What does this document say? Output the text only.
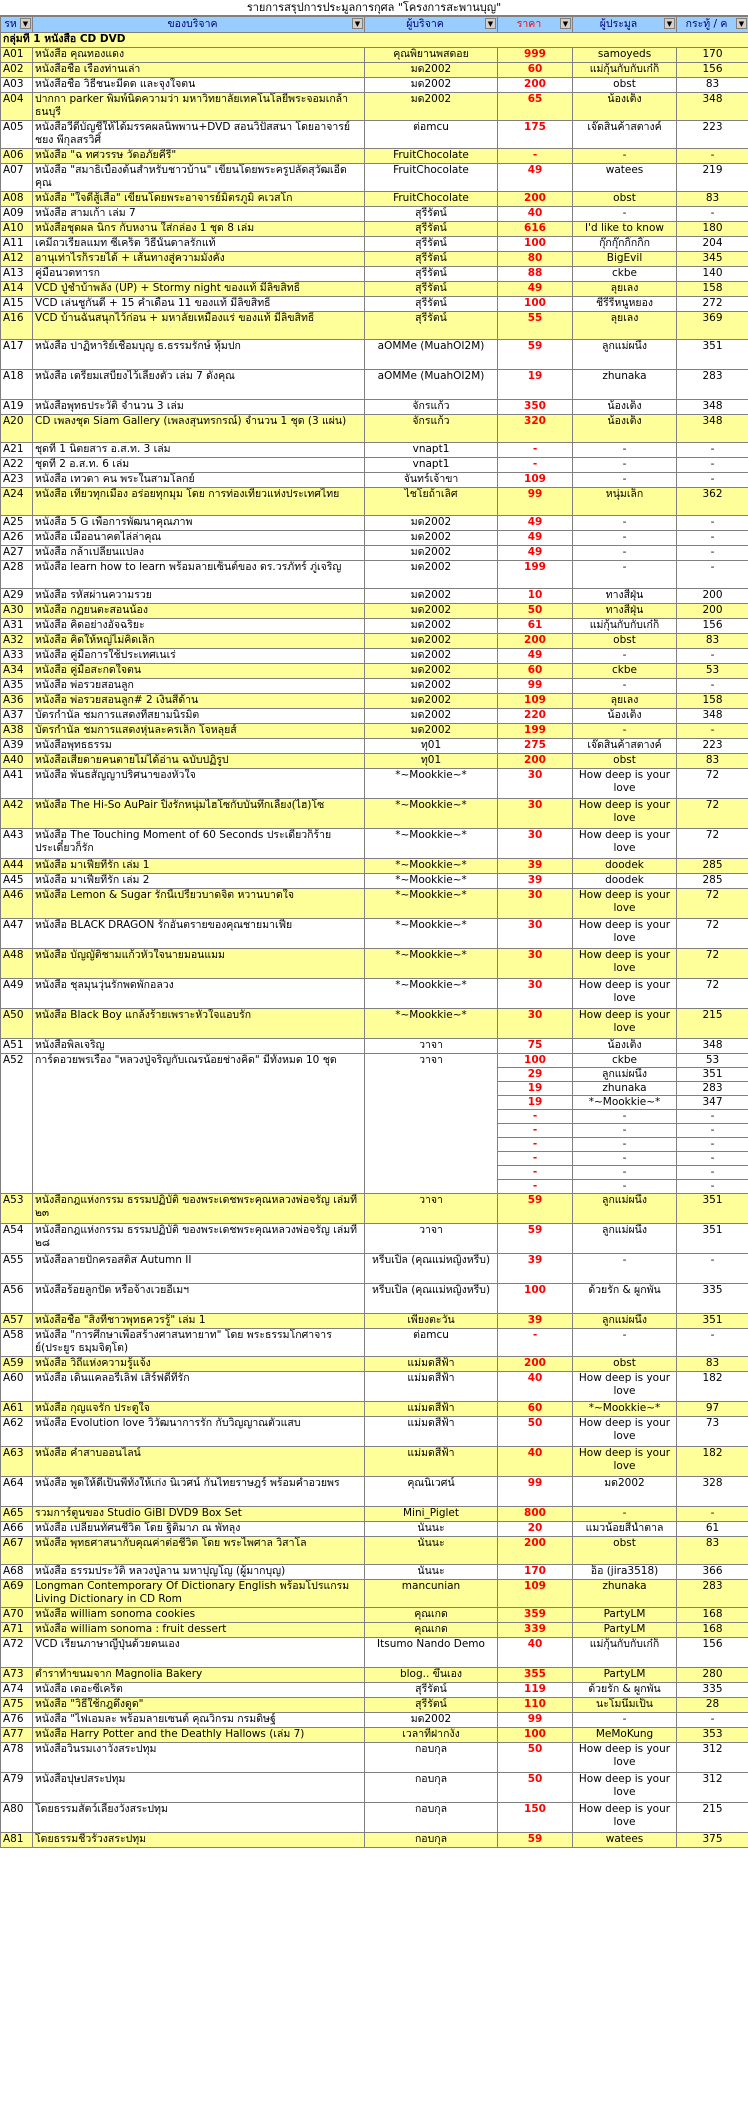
รายการสรุปการประมูลการกุศล "โครงการสะพานบุญ"
รห ▼	ของบริจาค ▼	ผู้บริจาค ▼	ราคา ▼	ผู้ประมูล ▼	กระทู้ / ค ▼

กลุ่มที่ 1 หนังสือ CD DVD					
A01	หนังสือ คุณทองแดง	คุณพิยานพสดอย	999	samoyeds	170
A02	หนังสือชื่อ เรื่องท่านเล่า	มด2002	60	แม่กุ้นกับกับเก๋ก็	156
A03	หนังสือชื่อ วิธีชนะมีดด และจุงใจตน	มด2002	200	obst	83
A04	ปากกา parker พิมพ์นิดความว่า มหาวิทยาลัยเทคโนโลยีพระจอมเกล้าธนบุรี	มด2002	65	น้องเต็ง	348
A05	หนังสือวีดีบัญชีให้ได้มรรคผลนิพพาน+DVD สอนวิปัสสนา โดยอาจารย์ชยง พีกุลสรวิศิ์	ต่อmcu	175	เจ๊ดสินค้าสตางค์	223
A06	หนังสือ "ฉ ทศวรรษ วัดอภัยคีรี"	FruitChocolate	-	-	-
A07	หนังสือ "สมาธิเบื้องต้นสำหรับชาวบ้าน" เขียนโดยพระครูปลัดสุวัฒเอีดคุณ	FruitChocolate	49	watees	219
A08	หนังสือ "ใจดีสู้เสือ" เขียนโดยพระอาจารย์มิตรภูมิ คเวสโก	FruitChocolate	200	obst	83
A09	หนังสือ สามเก้า เล่ม 7	สุรีรัตน์	40	-	-
A10	หนังสือชุดผล นิกร กับหงาน ใส่กล่อง 1 ชุด 8 เล่ม	สุรีรัตน์	616	I'd like to know	180
A11	เคมีถวเรียลแมท ซีเคร็ต วิธีนั้นดาลรักแท้	สุรีรัตน์	100	กุ๊กกุ๊กกิ๊กกิ๊ก	204
A12	อานุเท่าไรก็รวยได้ + เส้นทางสู่ความมั่งคั่ง	สุรีรัตน์	80	BigEvil	345
A13	คู่มือนวดทารก	สุรีรัตน์	88	ckbe	140
A14	VCD ปู่ชำบ้าพลัง (UP) + Stormy night ของแท้ มีลิขสิทธิ์	สุรีรัตน์	49	ลุยเลง	158
A15	VCD เล่นชูกันดี + 15 ค่ำเดือน 11 ของแท้ มีลิขสิทธิ์	สุรีรัตน์	100	ชีรีรีหนูหยอง	272
A16	VCD บ้านฉันสนุกไว้ก่อน + มหาลัยเหมืองแร่ ของแท้ มีลิขสิทธิ์	สุรีรัตน์	55	ลุยเลง	369
A17	หนังสือ ปาฏิหาริย์เชื่อมบุญ ธ.ธรรมรักษ์ หุ้มปก	aOMMe (MuahOI2M)	59	ลูกแม่ผนึ้ง	351
A18	หนังสือ เตรียมเสบียงไว้เลี้ยงตัว เล่ม 7 ดังคุณ	aOMMe (MuahOI2M)	19	zhunaka	283
A19	หนังสือพุทธประวัติ จำนวน 3 เล่ม	จักรแก้ว	350	น้องเต็ง	348
A20	CD เพลงชุด Siam Gallery (เพลงสุนทรกรณ์) จำนวน 1 ชุด (3 แผ่น)	จักรแก้ว	320	น้องเต็ง	348
A21	ชุดที่ 1 นิตยสาร อ.ส.ท. 3 เล่ม	vnapt1	-	-	-
A22	ชุดที่ 2 อ.ส.ท. 6 เล่ม	vnapt1	-	-	-
A23	หนังสือ เทวดา คน พระในสามโลกย์	จันทร์เจ้าขา	109	-	-
A24	หนังสือ เที่ยวทุกเมือง อร่อยทุกมุม โดย การท่องเที่ยวแห่งประเทศไทย	ไชโยถ้าเลิศ	99	หนุ่มเล็ก	362
A25	หนังสือ 5 G เพื่อการพัฒนาคุณภาพ	มด2002	49	-	-
A26	หนังสือ เมื่ออนาคตไล่ล่าคุณ	มด2002	49	-	-
A27	หนังสือ กล้าเปลี่ยนแปลง	มด2002	49	-	-
A28	หนังสือ learn how to learn พร้อมลายเซ็นต์ของ ดร.วรภัทร์ ภู่เจริญ	มด2002	199	-	-
A29	หนังสือ รหัสผ่านความรวย	มด2002	10	ทางสีฝุ่น	200
A30	หนังสือ กฎยนตะสอนน้อง	มด2002	50	ทางสีฝุ่น	200
A31	หนังสือ คิดอย่างอัจฉริยะ	มด2002	61	แม่กุ้นกับกับเก๋ก็	156
A32	หนังสือ คิดให้หญ่ไม่คิดเล็ก	มด2002	200	obst	83
A33	หนังสือ คู่มือการใช้ประเทศเนเร่	มด2002	49	-	-
A34	หนังสือ คู่มือสะกดใจตน	มด2002	60	ckbe	53
A35	หนังสือ พ่อรวยสอนลูก	มด2002	99	-	-
A36	หนังสือ พ่อรวยสอนลูก# 2 เงินสี่ด้าน	มด2002	109	ลุยเลง	158
A37	บัตรกำนัล ชมการแสดงที่สยามนิรมิต	มด2002	220	น้องเต็ง	348
A38	บัตรกำนัล ชมการแสดงหุ่นละครเล็ก โจหลุยส์	มด2002	199	-	-
A39	หนังสือพุทธธรรม	ทุ01	275	เจ๊ดสินค้าสตางค์	223
A40	หนังสือเสียดายคนตายไม่ได้อ่าน ฉบับปฏิรูป	ทุ01	200	obst	83
A41	หนังสือ พันธสัญญาปริศนาของหัวใจ	*~Mookkie~*	30	How deep is your love	72
A42	หนังสือ The Hi-So AuPair ปิ๊งรักหนุ่มไฮโซกับบันทึกเลี้ยง(ไฮ)โซ	*~Mookkie~*	30	How deep is your love	72
A43	หนังสือ The Touching Moment of 60 Seconds ประเดี๋ยวก็ร้าย ประเดี๋ยวก็รัก	*~Mookkie~*	30	How deep is your love	72
A44	หนังสือ มาเฟียที่รัก เล่ม 1	*~Mookkie~*	39	doodek	285
A45	หนังสือ มาเฟียที่รัก เล่ม 2	*~Mookkie~*	39	doodek	285
A46	หนังสือ Lemon & Sugar รักนี้เปรี้ยวบาดจิต หวานบาดใจ	*~Mookkie~*	30	How deep is your love	72
A47	หนังสือ BLACK DRAGON รักอันตรายของคุณชายมาเฟีย	*~Mookkie~*	30	How deep is your love	72
A48	หนังสือ บัญญัติชามแก้วหัวใจนายมอนแมม	*~Mookkie~*	30	How deep is your love	72
A49	หนังสือ ชุลมุนวุ่นรักพดพักอลวง	*~Mookkie~*	30	How deep is your love	72
A50	หนังสือ Black Boy แกล้งร้ายเพราะหัวใจแอบรัก	*~Mookkie~*	30	How deep is your love	215
A51	หนังสือพิลเจริญ	วาจา	75	น้องเต็ง	348
A52	การ์ดอวยพรเรื่อง "หลวงปู่จริญกับเณรน้อยช่างคิด" มีทั้งหมด 10 ชุด	วาจา	100	ckbe	53
			29	ลูกแม่ผนึ้ง	351
			19	zhunaka	283
			19	*~Mookkie~*	347
			-	-	-
			-	-	-
			-	-	-
			-	-	-
			-	-	-
			-	-	-
A53	หนังสือกฎแห่งกรรม ธรรมปฏิบัติ ของพระเดชพระคุณหลวงพ่อจรัญ เล่มที่ ๒๓	วาจา	59	ลูกแม่ผนึ้ง	351
A54	หนังสือกฎแห่งกรรม ธรรมปฏิบัติ ของพระเดชพระคุณหลวงพ่อจรัญ เล่มที่ ๒๘	วาจา	59	ลูกแม่ผนึ้ง	351
A55	หนังสือลายปักครอสติส Autumn II	หรีบเปิ๊ล (คุณแม่หญิงหรีบ)	39	-	-
A56	หนังสือร้อยลูกปัด หรือจ้างเวยอีเมฯ	หรีบเปิ๊ล (คุณแม่หญิงหรีบ)	100	ด้วยรัก & ผูกพัน	335
A57	หนังสือชื่อ "สิ่งที่ชาวพุทธควรรู้" เล่ม 1	เพียงตะวัน	39	ลูกแม่ผนึ้ง	351
A58	หนังสือ "การศึกษาเพื่อสร้างศาสนทายาท" โดย พระธรรมโกศาจารย์(ประยูร ธมฺมจิตฺโต)	ต่อmcu	-	-	-
A59	หนังสือ วิถีแห่งความรู้แจ้ง	แม่มดสีฟ้า	200	obst	83
A60	หนังสือ เดินแคลอรี่เลิฟ เสิร์ฟดีที่รัก	แม่มดสีฟ้า	40	How deep is your love	182
A61	หนังสือ กุญแจรัก ประตูใจ	แม่มดสีฟ้า	60	*~Mookkie~*	97
A62	หนังสือ Evolution love วิวัฒนาการรัก กับวิญญาณตัวแสบ	แม่มดสีฟ้า	50	How deep is your love	73
A63	หนังสือ คำสาบออนไลน์	แม่มดสีฟ้า	40	How deep is your love	182
A64	หนังสือ พูดให้ดีเป็นพี่ทั้งให้เก่ง นิเวศน์ กันไทยราษฎร์ พร้อมคำอวยพร	คุณนิเวศน์	99	มด2002	328
A65	รวมการ์ตูนของ Studio GiBl DVD9 Box Set	Mini_Piglet	800	-	-
A66	หนังสือ เปลี่ยนทัศนชีวิต โดย ฐิติมาภ ณ พัทลุง	นันนะ	20	แมวน้อยสีน้ำตาล	61
A67	หนังสือ พุทธศาสนากับคุณค่าต่อชีวิต โดย พระไพศาล วิสาโล	นันนะ	200	obst	83
A68	หนังสือ ธรรมประวัติ หลวงปู่ลาน มหาปุญโญ (ผู้มากบุญ)	นันนะ	170	อ็อ (jira3518)	366
A69	Longman Contemporary Of Dictionary English พร้อมโปรแกรม Living Dictionary in CD Rom	mancunian	109	zhunaka	283
A70	หนังสือ william sonoma cookies	คุณเกด	359	PartyLM	168
A71	หนังสือ william sonoma : fruit dessert	คุณเกด	339	PartyLM	168
A72	VCD เรียนภาษาญี่ปุ่นด้วยตนเอง	Itsumo Nando Demo	40	แม่กุ้นกับกับเก๋ก็	156
A73	ตำราทำขนมจาก Magnolia Bakery	blog.. ขึ้นเอง	355	PartyLM	280
A74	หนังสือ เดอะซีเคร็ต	สุรีรัตน์	119	ด้วยรัก & ผูกพัน	335
A75	หนังสือ "วิธีใช้กฎดึงดูด"	สุรีรัตน์	110	นะโมนึมเป็น	28
A76	หนังสือ "ไฟเอมละ พร้อมลายเซนต์ คุณวิกรม กรมดิษฐ์	มด2002	99	-	-
A77	หนังสือ Harry Potter and the Deathly Hallows (เล่ม 7)	เวลาที่ฝากงัง	100	MeMoKung	353
A78	หนังสือวินรมเงาวังสระปทุม	กอบกุล	50	How deep is your love	312
A79	หนังสือปุษปสระปทุม	กอบกุล	50	How deep is your love	312
A80	โดยธรรมสัตว์เลี้ยงวังสระปทุม	กอบกุล	150	How deep is your love	215
A81	โดยธรรมชีวรั้วงสระปทุม	กอบกุล	59	watees	375
